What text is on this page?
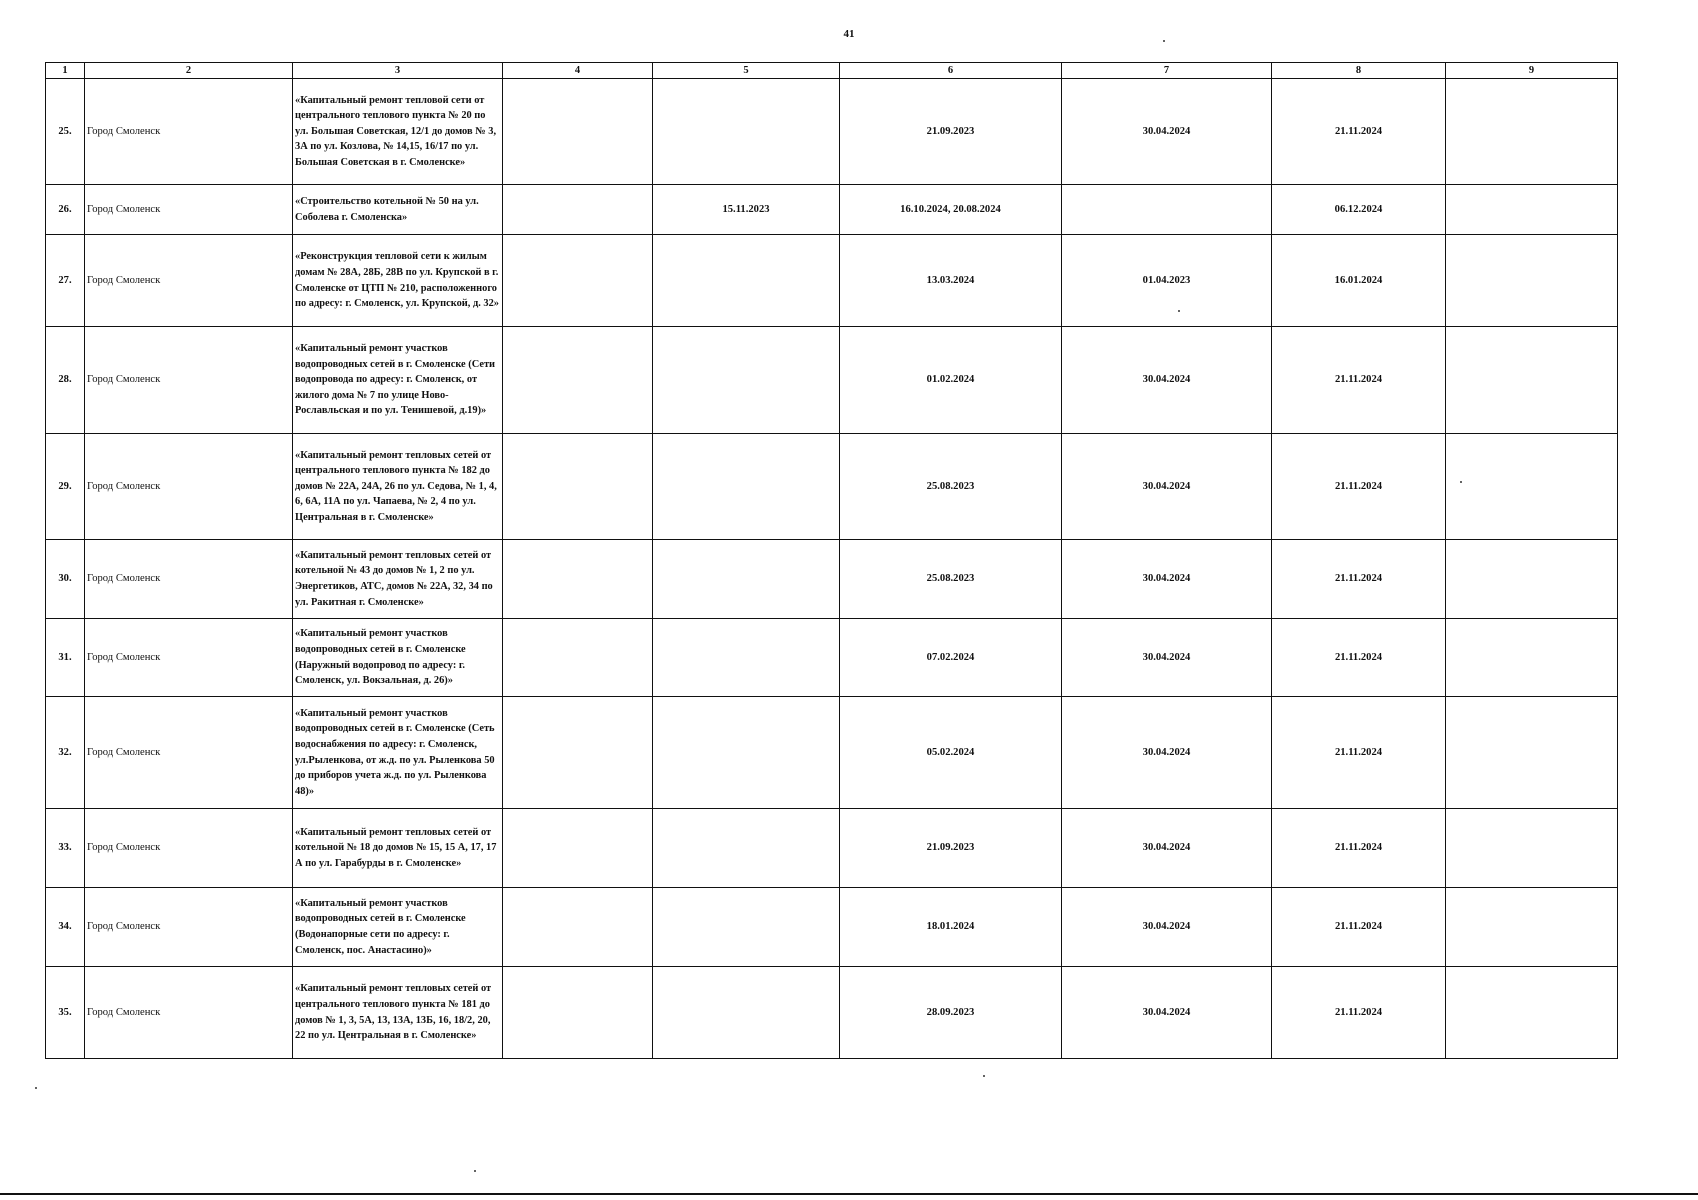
41
1	2	3	4	5	6	7	8	9
25.	Город Смоленск	«Капитальный ремонт тепловой сети от центрального теплового пункта № 20 по ул. Большая Советская, 12/1 до домов № 3, 3А по ул. Козлова, № 14,15, 16/17 по ул. Большая Советская в г. Смоленске»			21.09.2023	30.04.2024	21.11.2024	
26.	Город Смоленск	«Строительство котельной № 50 на ул. Соболева г. Смоленска»		15.11.2023	16.10.2024, 20.08.2024		06.12.2024	
27.	Город Смоленск	«Реконструкция тепловой сети к жилым домам № 28А, 28Б, 28В по ул. Крупской в г. Смоленске от ЦТП № 210, расположенного по адресу: г. Смоленск, ул. Крупской, д. 32»			13.03.2024	01.04.2023	16.01.2024	
28.	Город Смоленск	«Капитальный ремонт участков водопроводных сетей в г. Смоленске (Сети водопровода по адресу: г. Смоленск, от жилого дома № 7 по улице Ново-Рославльская и по ул. Тенишевой, д.19)»			01.02.2024	30.04.2024	21.11.2024	
29.	Город Смоленск	«Капитальный ремонт тепловых сетей от центрального теплового пункта № 182 до домов № 22А, 24А, 26 по ул. Седова, № 1, 4, 6, 6А, 11А по ул. Чапаева, № 2, 4 по ул. Центральная в г. Смоленске»			25.08.2023	30.04.2024	21.11.2024	
30.	Город Смоленск	«Капитальный ремонт тепловых сетей от котельной № 43 до домов № 1, 2 по ул. Энергетиков, АТС, домов № 22А, 32, 34 по ул. Ракитная г. Смоленске»			25.08.2023	30.04.2024	21.11.2024	
31.	Город Смоленск	«Капитальный ремонт участков водопроводных сетей в г. Смоленске (Наружный водопровод по адресу: г. Смоленск, ул. Вокзальная, д. 26)»			07.02.2024	30.04.2024	21.11.2024	
32.	Город Смоленск	«Капитальный ремонт участков водопроводных сетей в г. Смоленске (Сеть водоснабжения по адресу: г. Смоленск, ул.Рыленкова, от ж.д. по ул. Рыленкова 50 до приборов учета ж.д. по ул. Рыленкова 48)»			05.02.2024	30.04.2024	21.11.2024	
33.	Город Смоленск	«Капитальный ремонт тепловых сетей от котельной № 18 до домов № 15, 15 А, 17, 17 А по ул. Гарабурды в г. Смоленске»			21.09.2023	30.04.2024	21.11.2024	
34.	Город Смоленск	«Капитальный ремонт участков водопроводных сетей в г. Смоленске (Водонапорные сети по адресу: г. Смоленск, пос. Анастасино)»			18.01.2024	30.04.2024	21.11.2024	
35.	Город Смоленск	«Капитальный ремонт тепловых сетей от центрального теплового пункта № 181 до домов № 1, 3, 5А, 13, 13А, 13Б, 16, 18/2, 20, 22 по ул. Центральная в г. Смоленске»			28.09.2023	30.04.2024	21.11.2024	
